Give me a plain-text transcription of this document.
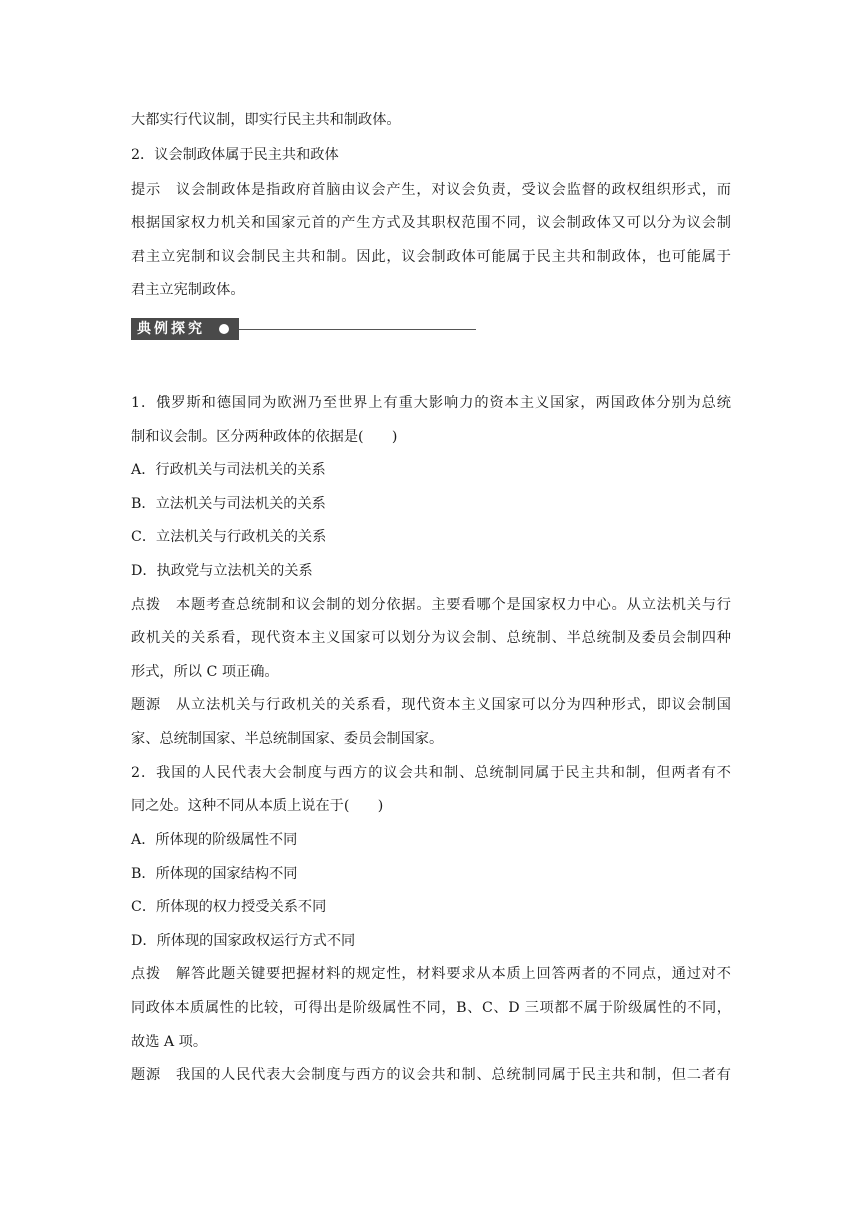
大都实行代议制，即实行民主共和制政体。
2．议会制政体属于民主共和政体
提示　议会制政体是指政府首脑由议会产生，对议会负责，受议会监督的政权组织形式，而
根据国家权力机关和国家元首的产生方式及其职权范围不同，议会制政体又可以分为议会制
君主立宪制和议会制民主共和制。因此，议会制政体可能属于民主共和制政体，也可能属于
君主立宪制政体。
典例探究
1．俄罗斯和德国同为欧洲乃至世界上有重大影响力的资本主义国家，两国政体分别为总统
制和议会制。区分两种政体的依据是(　　)
A．行政机关与司法机关的关系
B．立法机关与司法机关的关系
C．立法机关与行政机关的关系
D．执政党与立法机关的关系
点拨　本题考查总统制和议会制的划分依据。主要看哪个是国家权力中心。从立法机关与行
政机关的关系看，现代资本主义国家可以划分为议会制、总统制、半总统制及委员会制四种
形式，所以 C 项正确。
题源　从立法机关与行政机关的关系看，现代资本主义国家可以分为四种形式，即议会制国
家、总统制国家、半总统制国家、委员会制国家。
2．我国的人民代表大会制度与西方的议会共和制、总统制同属于民主共和制，但两者有不
同之处。这种不同从本质上说在于(　　)
A．所体现的阶级属性不同
B．所体现的国家结构不同
C．所体现的权力授受关系不同
D．所体现的国家政权运行方式不同
点拨　解答此题关键要把握材料的规定性，材料要求从本质上回答两者的不同点，通过对不
同政体本质属性的比较，可得出是阶级属性不同，B、C、D 三项都不属于阶级属性的不同，
故选 A 项。
题源　我国的人民代表大会制度与西方的议会共和制、总统制同属于民主共和制，但二者有
